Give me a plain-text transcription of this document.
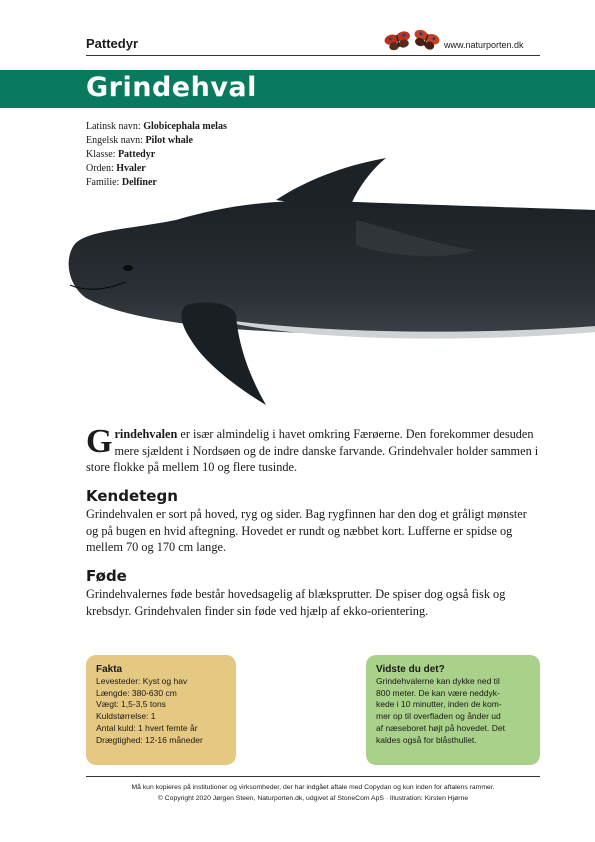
Pattedyr	www.naturporten.dk
Grindehval
Latinsk navn: Globicephala melas
Engelsk navn: Pilot whale
Klasse: Pattedyr
Orden: Hvaler
Familie: Delfiner
Grindehvalen er især almindelig i havet omkring Færøerne. Den forekommer desuden mere sjældent i Nordsøen og de indre danske farvande. Grindehvaler holder sammen i store flokke på mellem 10 og flere tusinde.
Kendetegn
Grindehvalen er sort på hoved, ryg og sider. Bag rygfinnen har den dog et gråligt mønster og på bugen en hvid aftegning. Hovedet er rundt og næbbet kort. Lufferne er spidse og mellem 70 og 170 cm lange.
Føde
Grindehvalernes føde består hovedsagelig af blæksprutter. De spiser dog også fisk og krebsdyr. Grindehvalen finder sin føde ved hjælp af ekko-orientering.
Fakta
Levesteder: Kyst og hav
Længde: 380-630 cm
Vægt: 1,5-3,5 tons
Kuldstørrelse: 1
Antal kuld: 1 hvert femte år
Drægtighed: 12-16 måneder
Vidste du det?
Grindehvalerne kan dykke ned til
800 meter. De kan være neddyk-
kede i 10 minutter, inden de kom-
mer op til overfladen og ånder ud
af næseboret højt på hovedet. Det
kaldes også for blåsthullet.
Må kun kopieres på institutioner og virksomheder, der har indgået aftale med Copydan og kun inden for aftalens rammer.
© Copyright 2020 Jørgen Steen, Naturporten.dk, udgivet af StoneCom ApS · Illustration: Kirsten Hjørne
